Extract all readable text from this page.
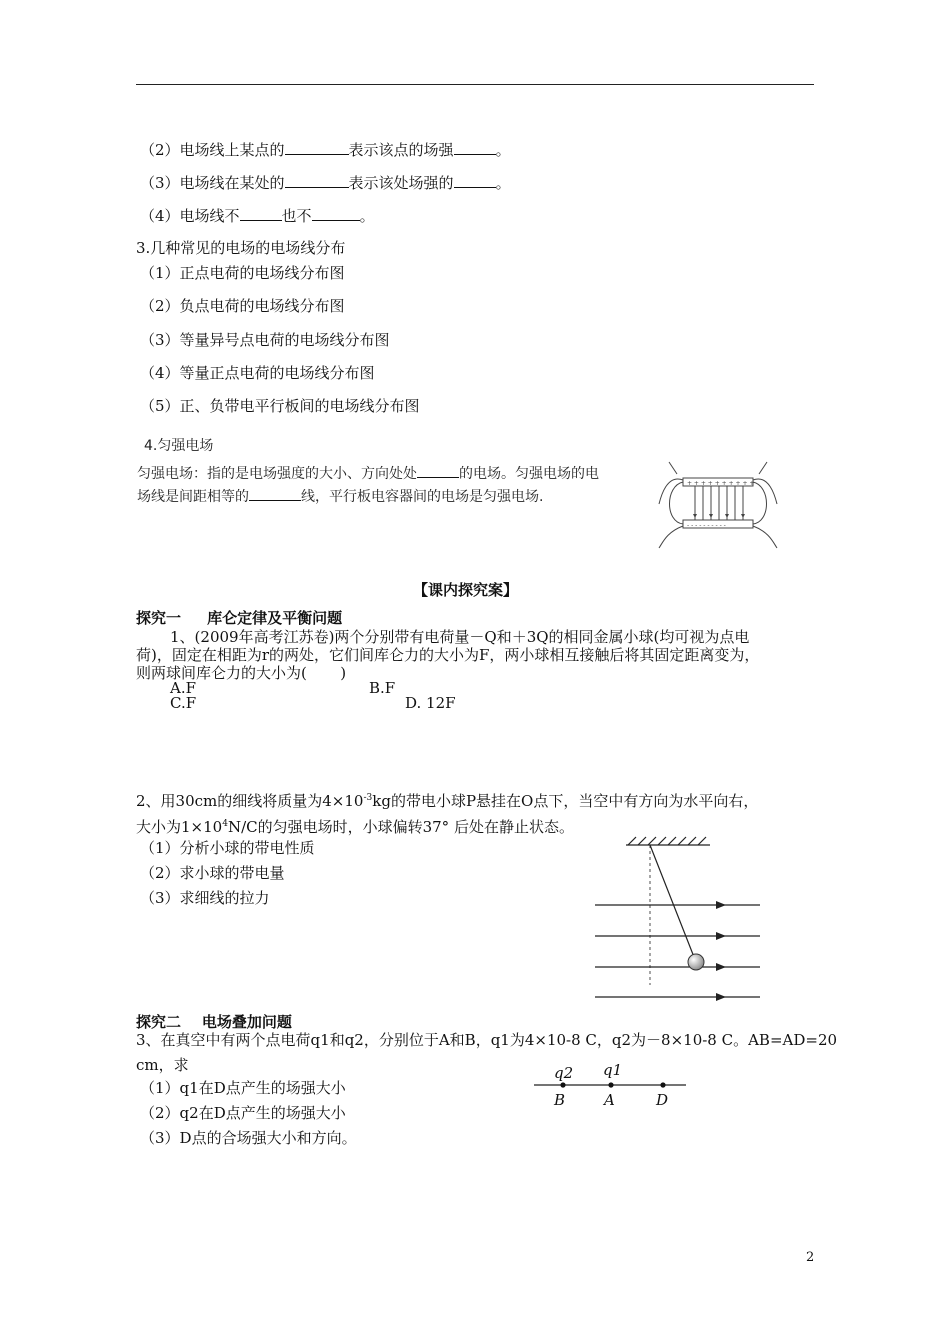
（2）电场线上某点的	表示该点的场强	。
（3）电场线在某处的	表示该处场强的	。
（4）电场线不	也不	。
3.几种常见的电场的电场线分布
（1）正点电荷的电场线分布图
（2）负点电荷的电场线分布图
（3）等量异号点电荷的电场线分布图
（4）等量正点电荷的电场线分布图
（5）正、负带电平行板间的电场线分布图
4.匀强电场
匀强电场：指的是电场强度的大小、方向处处	的电场。匀强电场的电
场线是间距相等的	线，平行板电容器间的电场是匀强电场.
+ + + + + + + + + +
- - - - - - - - - -
【课内探究案】
探究一     库仑定律及平衡问题
1、(2009年高考江苏卷)两个分别带有电荷量－Q和＋3Q的相同金属小球(均可视为点电
荷)，固定在相距为r的两处，它们间库仑力的大小为F，两小球相互接触后将其固定距离变为，
则两球间库仑力的大小为(       )
A.F	B.F
C.F	D. 12F
2、用30cm的细线将质量为$4\times 10^{-3}kg$的带电小球P悬挂在O点下，当空中有方向为水平向右，
大小为$1\times 10^4N/C$的匀强电场时，小球偏转37° 后处在静止状态。
（1）分析小球的带电性质
（2）求小球的带电量
（3）求细线的拉力
探究二    电场叠加问题
3、在真空中有两个点电荷q1和q2，分别位于A和B，q1为4×10-8 C，q2为－8×10-8 C。AB=AD=20
cm，求
（1）q1在D点产生的场强大小
（2）q2在D点产生的场强大小
（3）D点的合场强大小和方向。
q2 q1
B	A	D
2
